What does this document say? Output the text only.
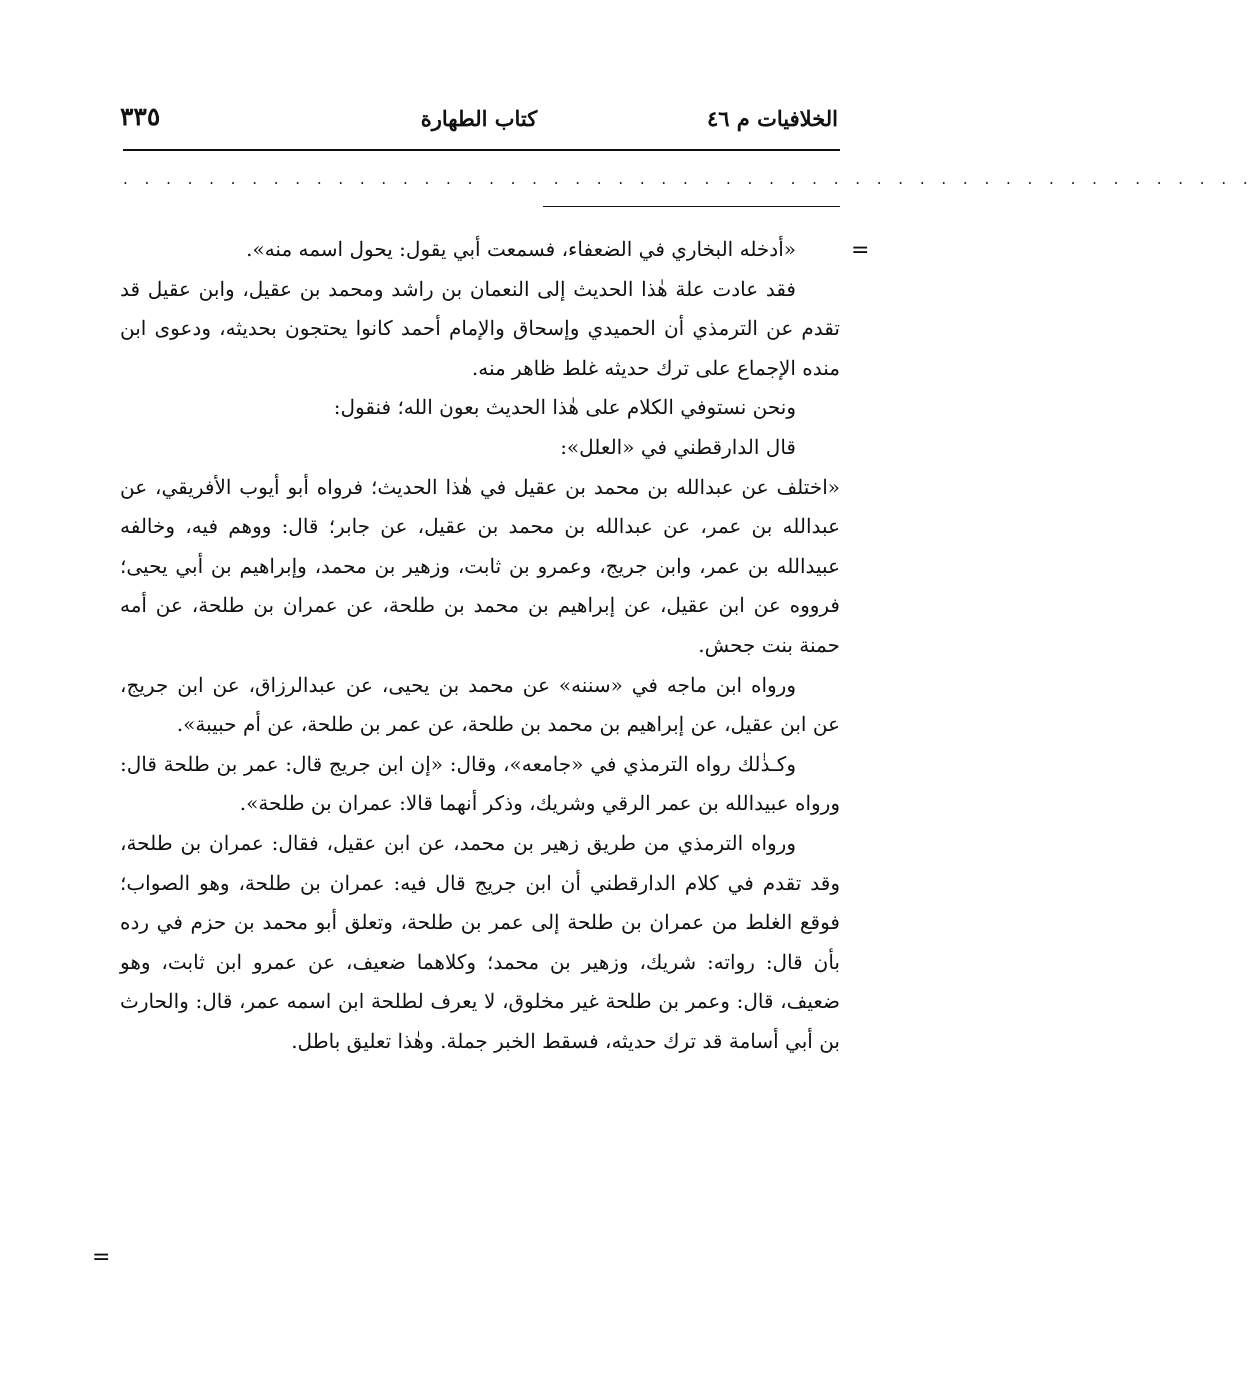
الخلافيات م ٤٦
كتاب الطهارة
٣٣٥
. . . . . . . . . . . . . . . . . . . . . . . . . . . . . . . . . . . . . . . . . . . . . . . . . . . . .
=
=

«أدخله البخاري في الضعفاء، فسمعت أبي يقول: يحول اسمه منه».

فقد عادت علة هٰذا الحديث إلى النعمان بن راشد ومحمد بن عقيل، وابن عقيل قد تقدم عن الترمذي أن الحميدي وإسحاق والإمام أحمد كانوا يحتجون بحديثه، ودعوى ابن منده الإجماع على ترك حديثه غلط ظاهر منه.

ونحن نستوفي الكلام على هٰذا الحديث بعون الله؛ فنقول:

قال الدارقطني في «العلل»:

«اختلف عن عبدالله بن محمد بن عقيل في هٰذا الحديث؛ فرواه أبو أيوب الأفريقي، عن عبدالله بن عمر، عن عبدالله بن محمد بن عقيل، عن جابر؛ قال: ووهم فيه، وخالفه عبيدالله بن عمر، وابن جريج، وعمرو بن ثابت، وزهير بن محمد، وإبراهيم بن أبي يحيى؛ فرووه عن ابن عقيل، عن إبراهيم بن محمد بن طلحة، عن عمران بن طلحة، عن أمه حمنة بنت جحش.

ورواه ابن ماجه في «سننه» عن محمد بن يحيى، عن عبدالرزاق، عن ابن جريج، عن ابن عقيل، عن إبراهيم بن محمد بن طلحة، عن عمر بن طلحة، عن أم حبيبة».

وكـذٰلك رواه الترمذي في «جامعه»، وقال: «إن ابن جريج قال: عمر بن طلحة قال: ورواه عبيدالله بن عمر الرقي وشريك، وذكر أنهما قالا: عمران بن طلحة».

ورواه الترمذي من طريق زهير بن محمد، عن ابن عقيل، فقال: عمران بن طلحة، وقد تقدم في كلام الدارقطني أن ابن جريج قال فيه: عمران بن طلحة، وهو الصواب؛ فوقع الغلط من عمران بن طلحة إلى عمر بن طلحة، وتعلق أبو محمد بن حزم في رده بأن قال: رواته: شريك، وزهير بن محمد؛ وكلاهما ضعيف، عن عمرو ابن ثابت، وهو ضعيف، قال: وعمر بن طلحة غير مخلوق، لا يعرف لطلحة ابن اسمه عمر، قال: والحارث بن أبي أسامة قد ترك حديثه، فسقط الخبر جملة. وهٰذا تعليق باطل.
